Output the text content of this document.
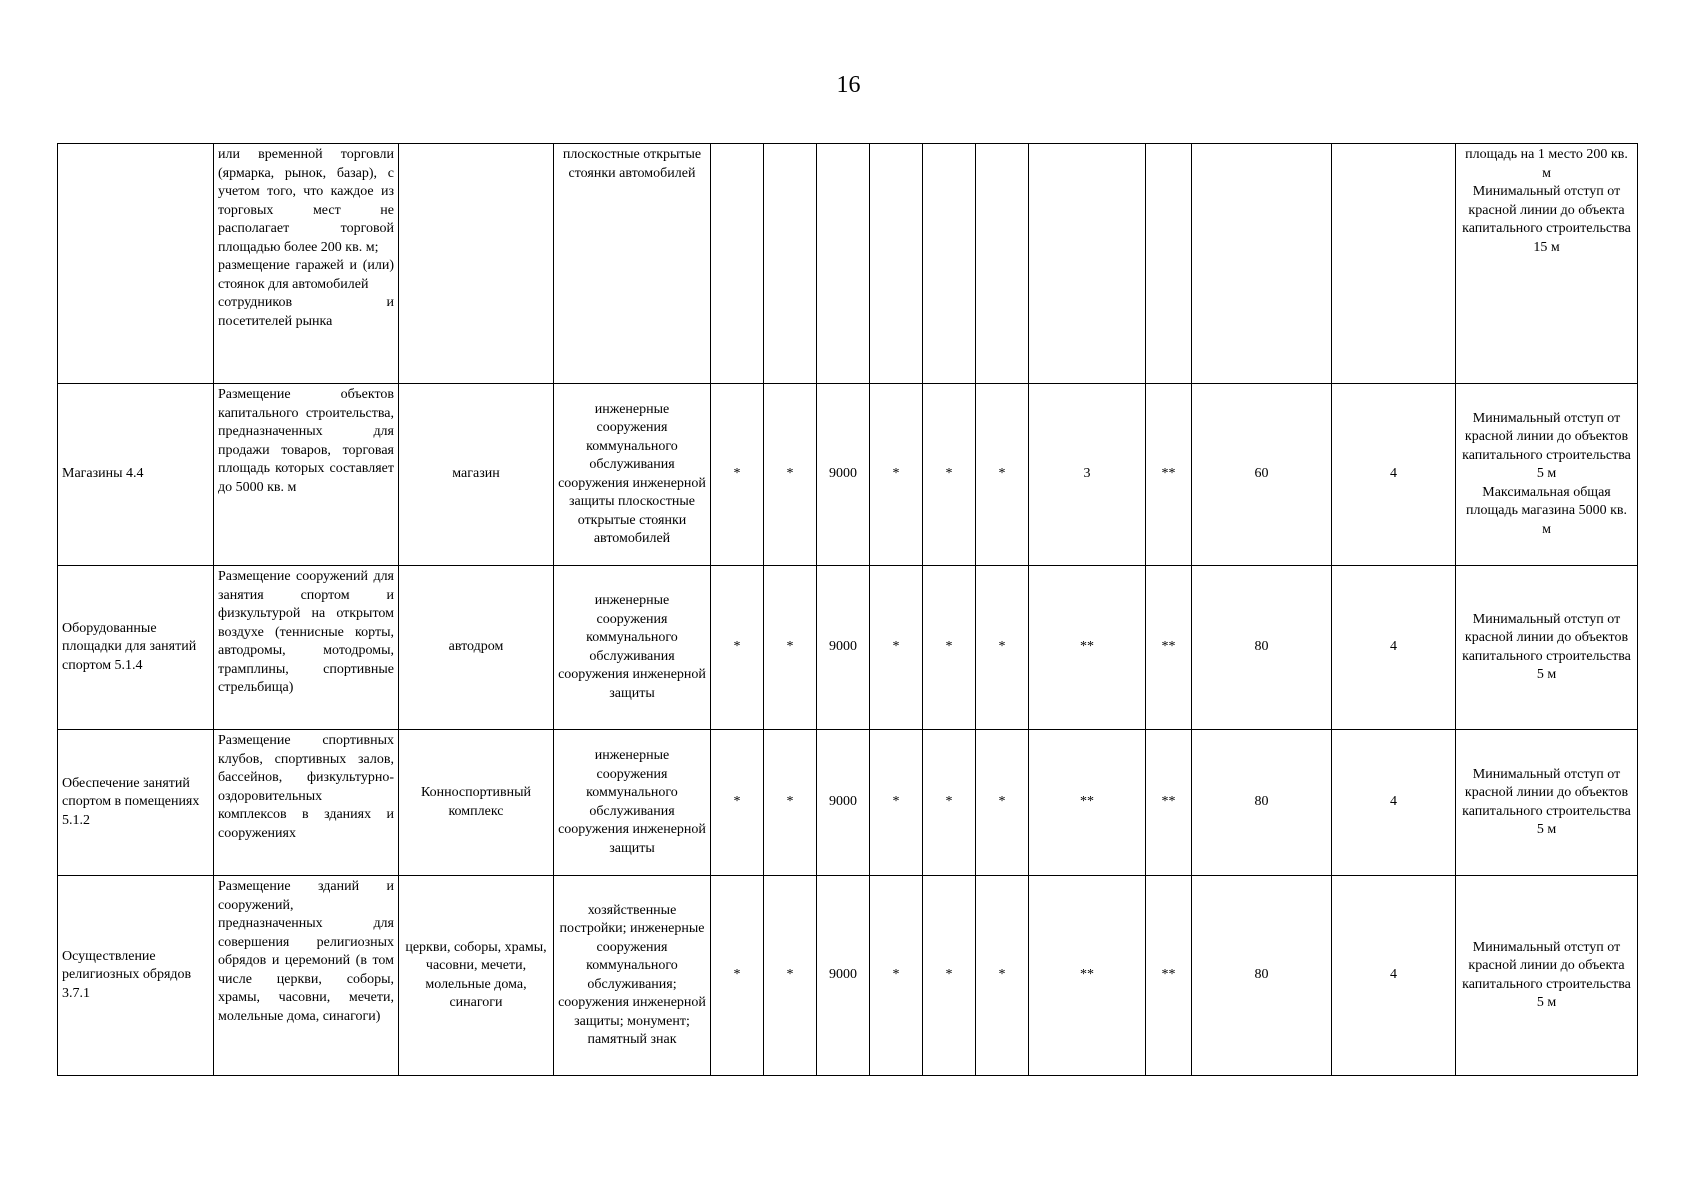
16

	или временной торговли (ярмарка, рынок, базар), с учетом того, что каждое из торговых мест не располагает торговой площадью более 200 кв. м;
размещение гаражей и (или) стоянок для автомобилей
сотрудников и
посетителей рынка		плоскостные открытые стоянки автомобилей											площадь на 1 место 200 кв. м
Минимальный отступ от красной линии до объекта капитального строительства 15 м

Магазины 4.4	Размещение объектов капитального строительства, предназначенных для продажи товаров, торговая площадь которых составляет до 5000 кв. м	магазин	инженерные сооружения коммунального обслуживания сооружения инженерной защиты плоскостные открытые стоянки автомобилей	*	*	9000	*	*	*	3	**	60	4	Минимальный отступ от красной линии до объектов капитального строительства 5 м
Максимальная общая площадь магазина 5000 кв. м

Оборудованные площадки для занятий спортом 5.1.4	Размещение сооружений для занятия спортом и физкультурой на открытом воздухе (теннисные корты, автодромы, мотодромы, трамплины, спортивные стрельбища)	автодром	инженерные сооружения коммунального обслуживания сооружения инженерной защиты	*	*	9000	*	*	*	**	**	80	4	Минимальный отступ от красной линии до объектов капитального строительства 5 м

Обеспечение занятий спортом в помещениях 5.1.2	Размещение спортивных клубов, спортивных залов, бассейнов, физкультурно-оздоровительных комплексов в зданиях и сооружениях	Конноспортивный комплекс	инженерные сооружения коммунального обслуживания сооружения инженерной защиты	*	*	9000	*	*	*	**	**	80	4	Минимальный отступ от красной линии до объектов капитального строительства 5 м

Осуществление религиозных обрядов 3.7.1	Размещение зданий и сооружений, предназначенных для совершения религиозных обрядов и церемоний (в том числе церкви, соборы, храмы, часовни, мечети, молельные дома, синагоги)	церкви, соборы, храмы, часовни, мечети, молельные дома, синагоги	хозяйственные постройки; инженерные сооружения коммунального обслуживания; сооружения инженерной защиты; монумент; памятный знак	*	*	9000	*	*	*	**	**	80	4	Минимальный отступ от красной линии до объекта капитального строительства 5 м
